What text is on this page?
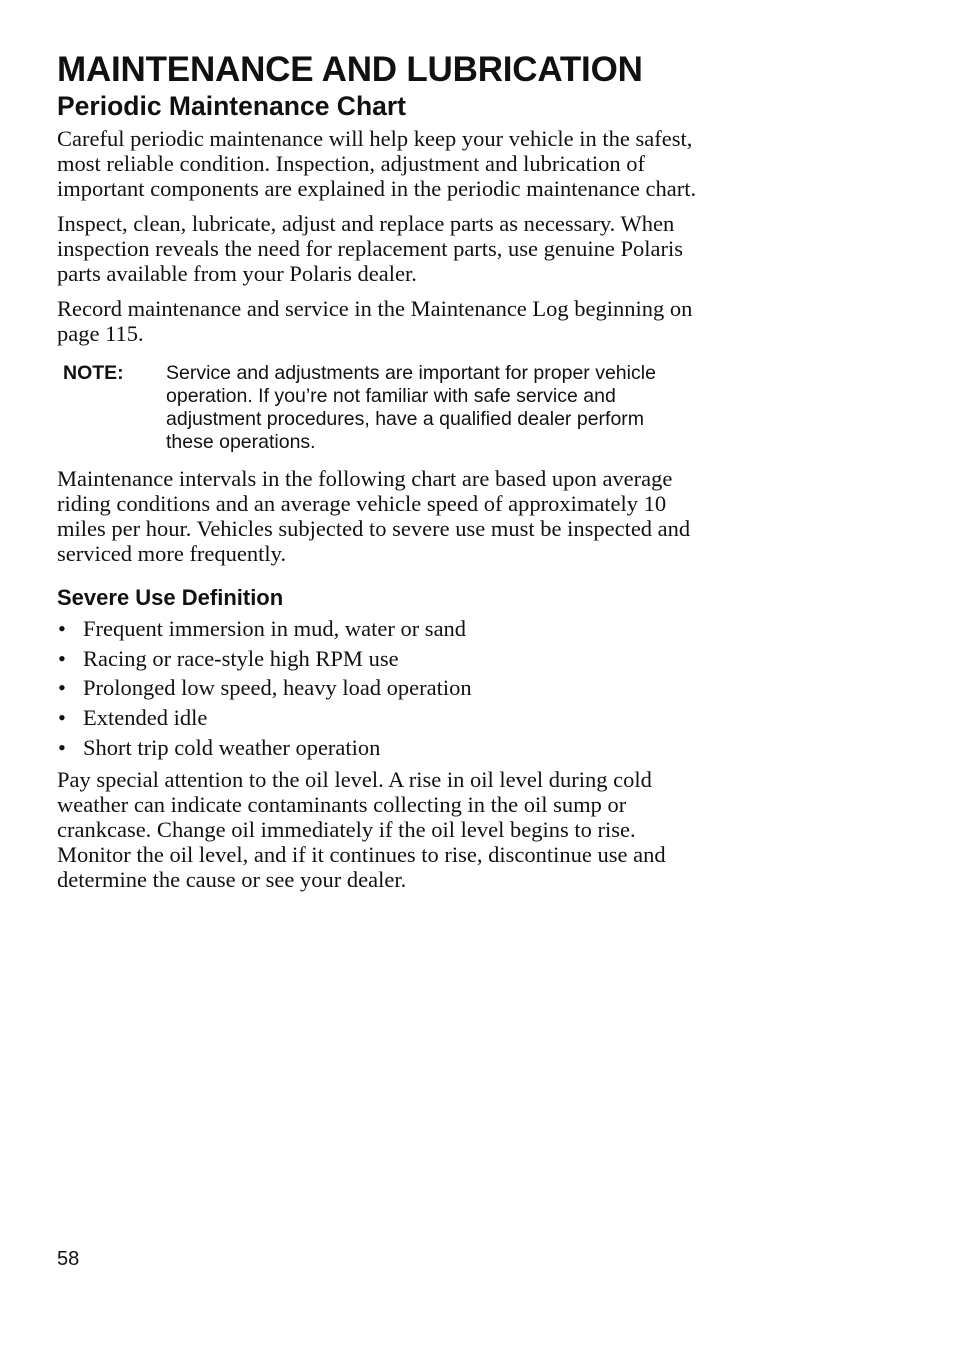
MAINTENANCE AND LUBRICATION
Periodic Maintenance Chart

Careful periodic maintenance will help keep your vehicle in the safest,
most reliable condition. Inspection, adjustment and lubrication of
important components are explained in the periodic maintenance chart.

Inspect, clean, lubricate, adjust and replace parts as necessary. When
inspection reveals the need for replacement parts, use genuine Polaris
parts available from your Polaris dealer.

Record maintenance and service in the Maintenance Log beginning on
page 115.

NOTE:	Service and adjustments are important for proper vehicle
operation. If you’re not familiar with safe service and
adjustment procedures, have a qualified dealer perform
these operations.

Maintenance intervals in the following chart are based upon average
riding conditions and an average vehicle speed of approximately 10
miles per hour. Vehicles subjected to severe use must be inspected and
serviced more frequently.

Severe Use Definition
• Frequent immersion in mud, water or sand
• Racing or race-style high RPM use
• Prolonged low speed, heavy load operation
• Extended idle
• Short trip cold weather operation

Pay special attention to the oil level. A rise in oil level during cold
weather can indicate contaminants collecting in the oil sump or
crankcase. Change oil immediately if the oil level begins to rise.
Monitor the oil level, and if it continues to rise, discontinue use and
determine the cause or see your dealer.

58
